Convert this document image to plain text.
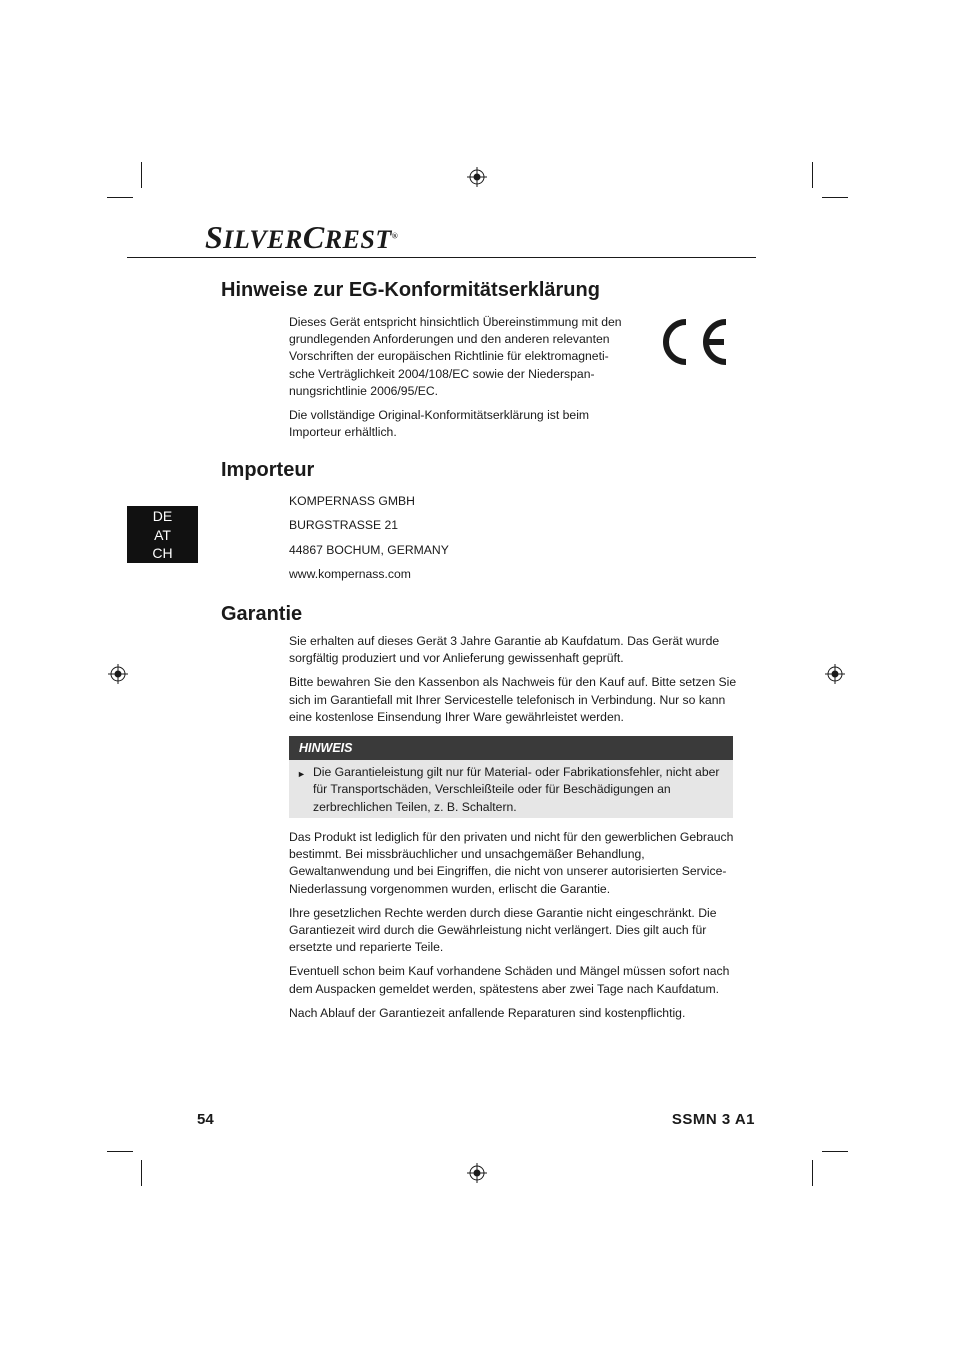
SILVERCREST®
Hinweise zur EG-Konformitätserklärung

Dieses Gerät entspricht hinsichtlich Übereinstimmung mit den grundlegenden Anforderungen und den anderen relevanten Vorschriften der europäischen Richtlinie für elektromagneti-sche Verträglichkeit 2004/108/EC sowie der Niederspan-nungsrichtlinie 2006/95/EC.

Die vollständige Original-Konformitätserklärung ist beim Importeur erhältlich.

DE
AT
CH
Importeur
KOMPERNASS GMBH
BURGSTRASSE 21
44867 BOCHUM, GERMANY
www.kompernass.com
Garantie

Sie erhalten auf dieses Gerät 3 Jahre Garantie ab Kaufdatum. Das Gerät wurde sorgfältig produziert und vor Anlieferung gewissenhaft geprüft.

Bitte bewahren Sie den Kassenbon als Nachweis für den Kauf auf. Bitte setzen Sie sich im Garantiefall mit Ihrer Servicestelle telefonisch in Verbindung. Nur so kann eine kostenlose Einsendung Ihrer Ware gewährleistet werden.

HINWEIS
► Die Garantieleistung gilt nur für Material- oder Fabrikationsfehler, nicht aber für Transportschäden, Verschleißteile oder für Beschädigungen an zerbrechlichen Teilen, z. B. Schaltern.

Das Produkt ist lediglich für den privaten und nicht für den gewerblichen Gebrauch bestimmt. Bei missbräuchlicher und unsachgemäßer Behandlung, Gewaltanwendung und bei Eingriffen, die nicht von unserer autorisierten Service-Niederlassung vorgenommen wurden, erlischt die Garantie.

Ihre gesetzlichen Rechte werden durch diese Garantie nicht eingeschränkt. Die Garantiezeit wird durch die Gewährleistung nicht verlängert. Dies gilt auch für ersetzte und reparierte Teile.

Eventuell schon beim Kauf vorhandene Schäden und Mängel müssen sofort nach dem Auspacken gemeldet werden, spätestens aber zwei Tage nach Kaufdatum.

Nach Ablauf der Garantiezeit anfallende Reparaturen sind kostenpflichtig.

54	SSMN 3 A1
